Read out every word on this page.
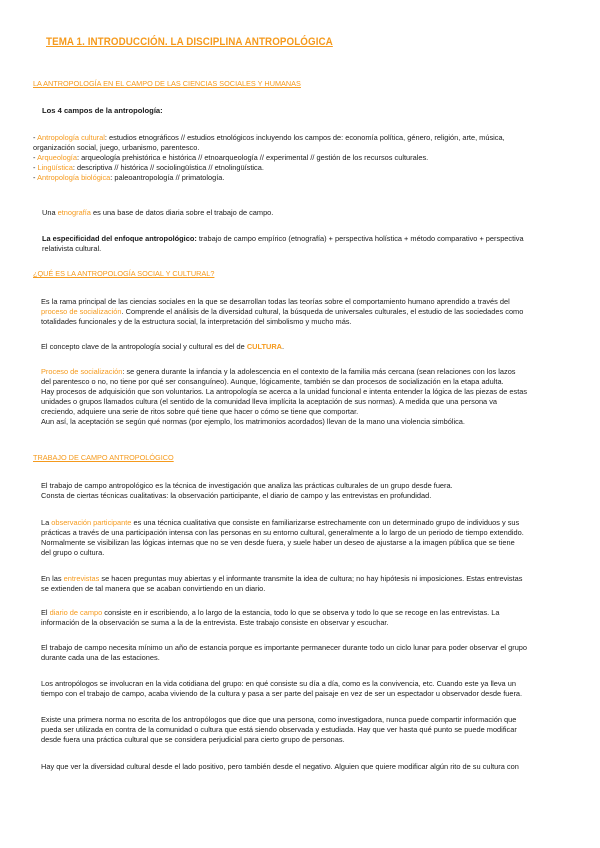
TEMA 1. INTRODUCCIÓN. LA DISCIPLINA ANTROPOLÓGICA
LA ANTROPOLOGÍA EN EL CAMPO DE LAS CIENCIAS SOCIALES Y HUMANAS
Los 4 campos de la antropología:
- Antropología cultural: estudios etnográficos // estudios etnológicos incluyendo los campos de: economía política, género, religión, arte, música,
organización social, juego, urbanismo, parentesco.
- Arqueología: arqueología prehistórica e histórica // etnoarqueología // experimental // gestión de los recursos culturales.
- Lingüística: descriptiva // histórica // sociolingüística // etnolingüística.
- Antropología biológica: paleoantropología // primatología.
Una etnografía es una base de datos diaria sobre el trabajo de campo.
La especificidad del enfoque antropológico: trabajo de campo empírico (etnografía) + perspectiva holística + método comparativo + perspectiva
relativista cultural.
¿QUÉ ES LA ANTROPOLOGÍA SOCIAL Y CULTURAL?
Es la rama principal de las ciencias sociales en la que se desarrollan todas las teorías sobre el comportamiento humano aprendido a través del
proceso de socialización. Comprende el análisis de la diversidad cultural, la búsqueda de universales culturales, el estudio de las sociedades como
totalidades funcionales y de la estructura social, la interpretación del simbolismo y mucho más.
El concepto clave de la antropología social y cultural es del de CULTURA.
Proceso de socialización: se genera durante la infancia y la adolescencia en el contexto de la familia más cercana (sean relaciones con los lazos
del parentesco o no, no tiene por qué ser consanguíneo). Aunque, lógicamente, también se dan procesos de socialización en la etapa adulta.
Hay procesos de adquisición que son voluntarios. La antropología se acerca a la unidad funcional e intenta entender la lógica de las piezas de estas
unidades o grupos llamados cultura (el sentido de la comunidad lleva implícita la aceptación de sus normas). A medida que una persona va
creciendo, adquiere una serie de ritos sobre qué tiene que hacer o cómo se tiene que comportar.
Aun así, la aceptación se según qué normas (por ejemplo, los matrimonios acordados) llevan de la mano una violencia simbólica.
TRABAJO DE CAMPO ANTROPOLÓGICO
El trabajo de campo antropológico es la técnica de investigación que analiza las prácticas culturales de un grupo desde fuera.
Consta de ciertas técnicas cualitativas: la observación participante, el diario de campo y las entrevistas en profundidad.
La observación participante es una técnica cualitativa que consiste en familiarizarse estrechamente con un determinado grupo de individuos y sus
prácticas a través de una participación intensa con las personas en su entorno cultural, generalmente a lo largo de un periodo de tiempo extendido.
Normalmente se visibilizan las lógicas internas que no se ven desde fuera, y suele haber un deseo de ajustarse a la imagen pública que se tiene
del grupo o cultura.
En las entrevistas se hacen preguntas muy abiertas y el informante transmite la idea de cultura; no hay hipótesis ni imposiciones. Estas entrevistas
se extienden de tal manera que se acaban convirtiendo en un diario.
El diario de campo consiste en ir escribiendo, a lo largo de la estancia, todo lo que se observa y todo lo que se recoge en las entrevistas. La
información de la observación se suma a la de la entrevista. Este trabajo consiste en observar y escuchar.
El trabajo de campo necesita mínimo un año de estancia porque es importante permanecer durante todo un ciclo lunar para poder observar el grupo
durante cada una de las estaciones.
Los antropólogos se involucran en la vida cotidiana del grupo: en qué consiste su día a día, como es la convivencia, etc. Cuando este ya lleva un
tiempo con el trabajo de campo, acaba viviendo de la cultura y pasa a ser parte del paisaje en vez de ser un espectador u observador desde fuera.
Existe una primera norma no escrita de los antropólogos que dice que una persona, como investigadora, nunca puede compartir información que
pueda ser utilizada en contra de la comunidad o cultura que está siendo observada y estudiada. Hay que ver hasta qué punto se puede modificar
desde fuera una práctica cultural que se considera perjudicial para cierto grupo de personas.
Hay que ver la diversidad cultural desde el lado positivo, pero también desde el negativo. Alguien que quiere modificar algún rito de su cultura con
